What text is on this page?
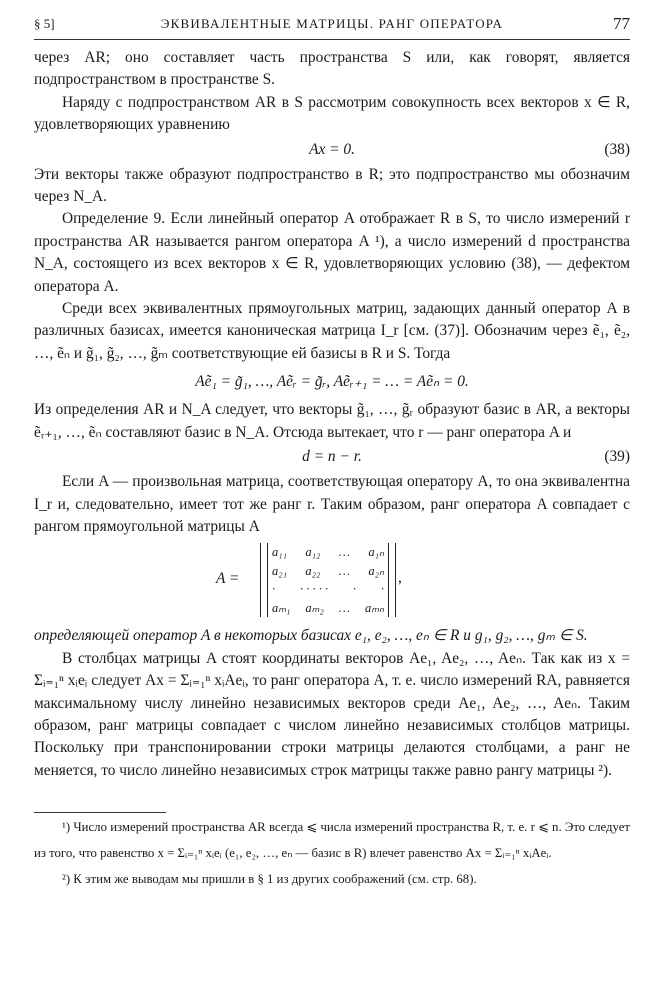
§ 5]	ЭКВИВАЛЕНТНЫЕ МАТРИЦЫ. РАНГ ОПЕРАТОРА	77

через AR; оно составляет часть пространства S или, как говорят, является подпространством в пространстве S.

Наряду с подпространством AR в S рассмотрим совокупность всех векторов x ∈ R, удовлетворяющих уравнению

Ax = 0.	(38)

Эти векторы также образуют подпространство в R; это подпространство мы обозначим через N_A.

Определение 9. Если линейный оператор A отображает R в S, то число измерений r пространства AR называется рангом оператора A ¹), а число измерений d пространства N_A, состоящего из всех векторов x ∈ R, удовлетворяющих условию (38), — дефектом оператора A.

Среди всех эквивалентных прямоугольных матриц, задающих данный оператор A в различных базисах, имеется каноническая матрица I_r [см. (37)]. Обозначим через ẽ₁, ẽ₂, …, ẽₙ и g̃₁, g̃₂, …, g̃ₘ соответствующие ей базисы в R и S. Тогда

Aẽ₁ = g̃₁, …, Aẽᵣ = g̃ᵣ, Aẽᵣ₊₁ = … = Aẽₙ = 0.

Из определения AR и N_A следует, что векторы g̃₁, …, g̃ᵣ образуют базис в AR, а векторы ẽᵣ₊₁, …, ẽₙ составляют базис в N_A. Отсюда вытекает, что r — ранг оператора A и

d = n − r.	(39)

Если A — произвольная матрица, соответствующая оператору A, то она эквивалентна I_r и, следовательно, имеет тот же ранг r. Таким образом, ранг оператора A совпадает с рангом прямоугольной матрицы A

A =
a₁₁ a₁₂ … a₁ₙ
a₂₁ a₂₂ … a₂ₙ
· · · · · · · ·
aₘ₁ aₘ₂ … aₘₙ
,

определяющей оператор A в некоторых базисах e₁, e₂, …, eₙ ∈ R и g₁, g₂, …, gₘ ∈ S.

В столбцах матрицы A стоят координаты векторов Ae₁, Ae₂, …, Aeₙ. Так как из x = Σᵢ₌₁ⁿ xᵢeᵢ следует Ax = Σᵢ₌₁ⁿ xᵢAeᵢ, то ранг оператора A, т. е. число измерений RA, равняется максимальному числу линейно независимых векторов среди Ae₁, Ae₂, …, Aeₙ. Таким образом, ранг матрицы совпадает с числом линейно независимых столбцов матрицы. Поскольку при транспонировании строки матрицы делаются столбцами, а ранг не меняется, то число линейно независимых строк матрицы также равно рангу матрицы ²).

¹) Число измерений пространства AR всегда ⩽ числа измерений пространства R, т. е. r ⩽ n. Это следует из того, что равенство x = Σᵢ₌₁ⁿ xᵢeᵢ (e₁, e₂, …, eₙ — базис в R) влечет равенство Ax = Σᵢ₌₁ⁿ xᵢAeᵢ.

²) К этим же выводам мы пришли в § 1 из других соображений (см. стр. 68).
